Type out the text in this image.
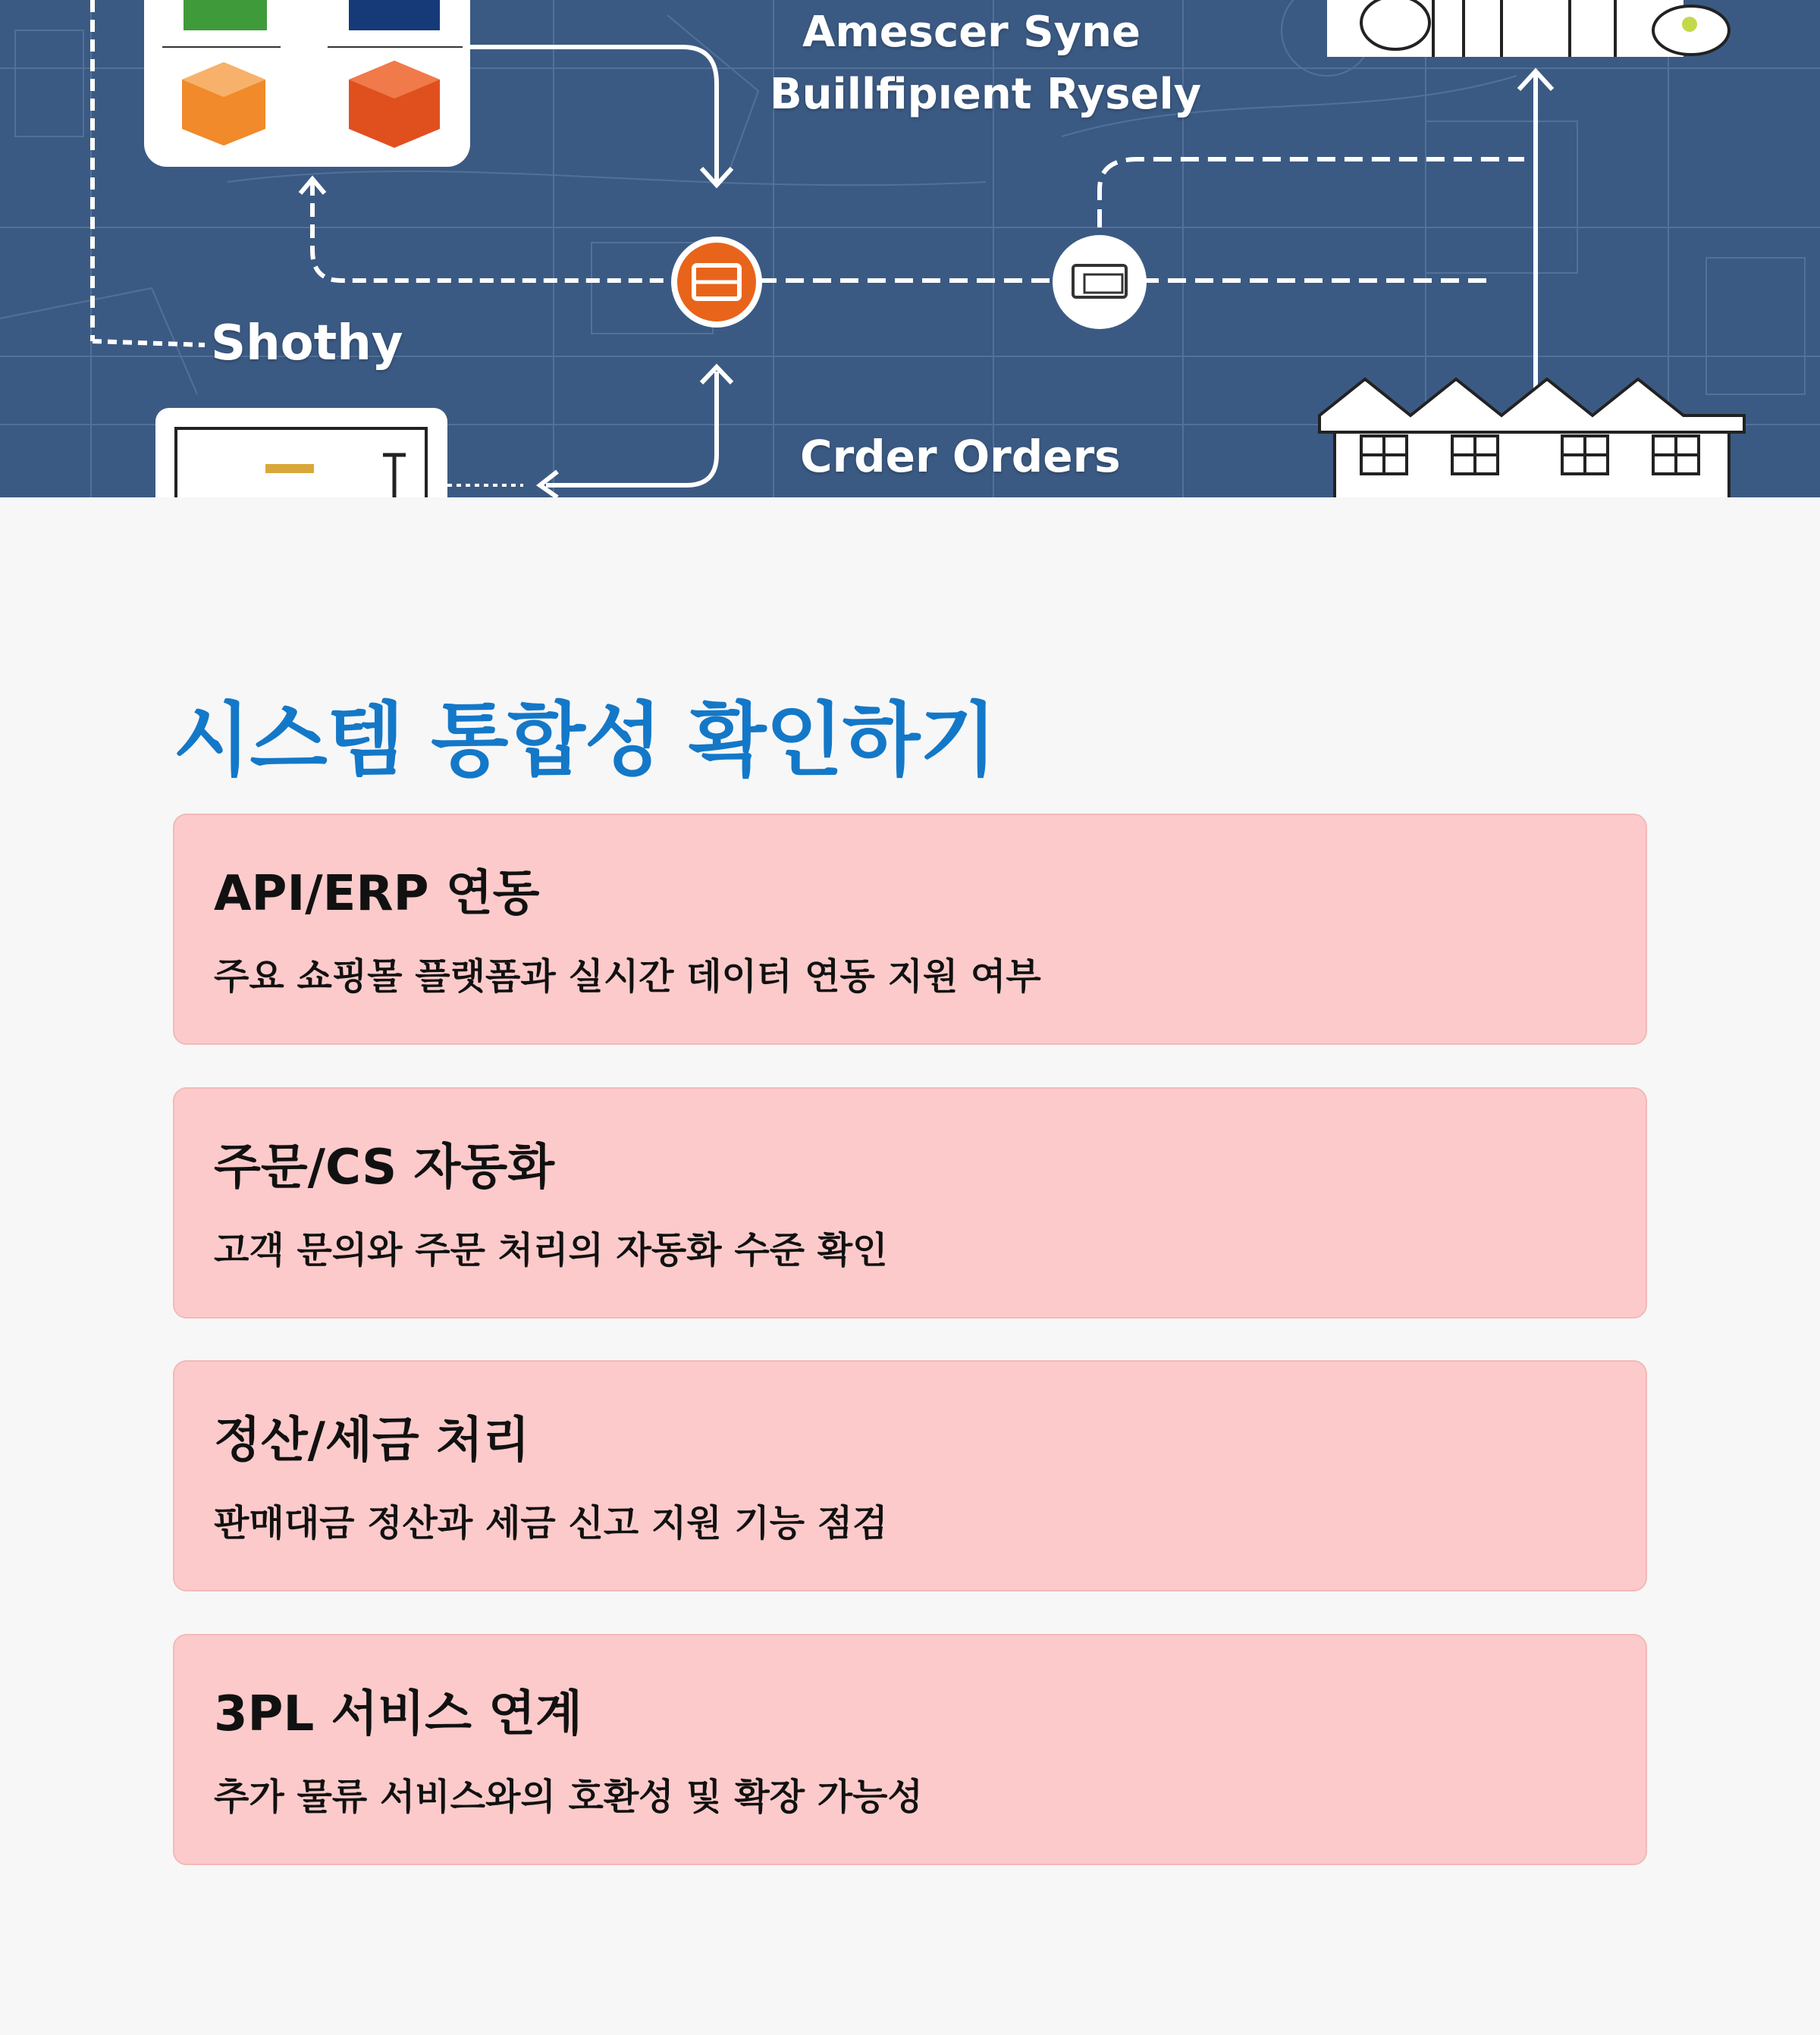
Amescer Syne
Buillfipıent Rysely
Shothy
Crder Orders
시스템 통합성 확인하기
API/ERP 연동

주요 쇼핑몰 플랫폼과 실시간 데이터 연동 지원 여부

주문/CS 자동화

고객 문의와 주문 처리의 자동화 수준 확인

정산/세금 처리

판매대금 정산과 세금 신고 지원 기능 점검

3PL 서비스 연계

추가 물류 서비스와의 호환성 및 확장 가능성
